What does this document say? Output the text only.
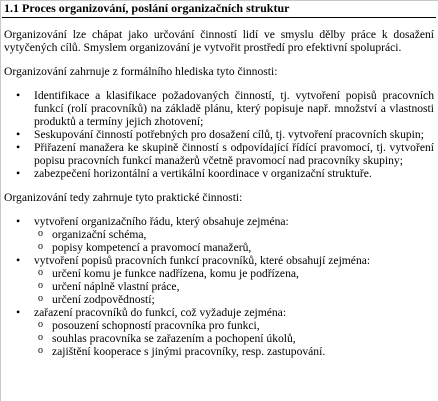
1.1 Proces organizování, poslání organizačních struktur

Organizování lze chápat jako určování činností lidí ve smyslu dělby práce k dosažení vytyčených cílů. Smyslem organizování je vytvořit prostředí pro efektivní spolupráci.

Organizování zahrnuje z formálního hlediska tyto činnosti:

• Identifikace a klasifikace požadovaných činností, tj. vytvoření popisů pracovních funkcí (rolí pracovníků) na základě plánu, který popisuje např. množství a vlastnosti produktů a termíny jejich zhotovení;
• Seskupování činností potřebných pro dosažení cílů, tj. vytvoření pracovních skupin;
• Přiřazení manažera ke skupině činností s odpovídající řídící pravomocí, tj. vytvoření popisu pracovních funkcí manažerů včetně pravomocí nad pracovníky skupiny;
• zabezpečení horizontální a vertikální koordinace v organizační struktuře.

Organizování tedy zahrnuje tyto praktické činnosti:

• vytvoření organizačního řádu, který obsahuje zejména:
o organizační schéma,
o popisy kompetencí a pravomocí manažerů,
• vytvoření popisů pracovních funkcí pracovníků, které obsahují zejména:
o určení komu je funkce nadřízena, komu je podřízena,
o určení náplně vlastní práce,
o určení zodpovědností;
• zařazení pracovníků do funkcí, což vyžaduje zejména:
o posouzení schopností pracovníka pro funkci,
o souhlas pracovníka se zařazením a pochopení úkolů,
o zajištění kooperace s jinými pracovníky, resp. zastupování.
